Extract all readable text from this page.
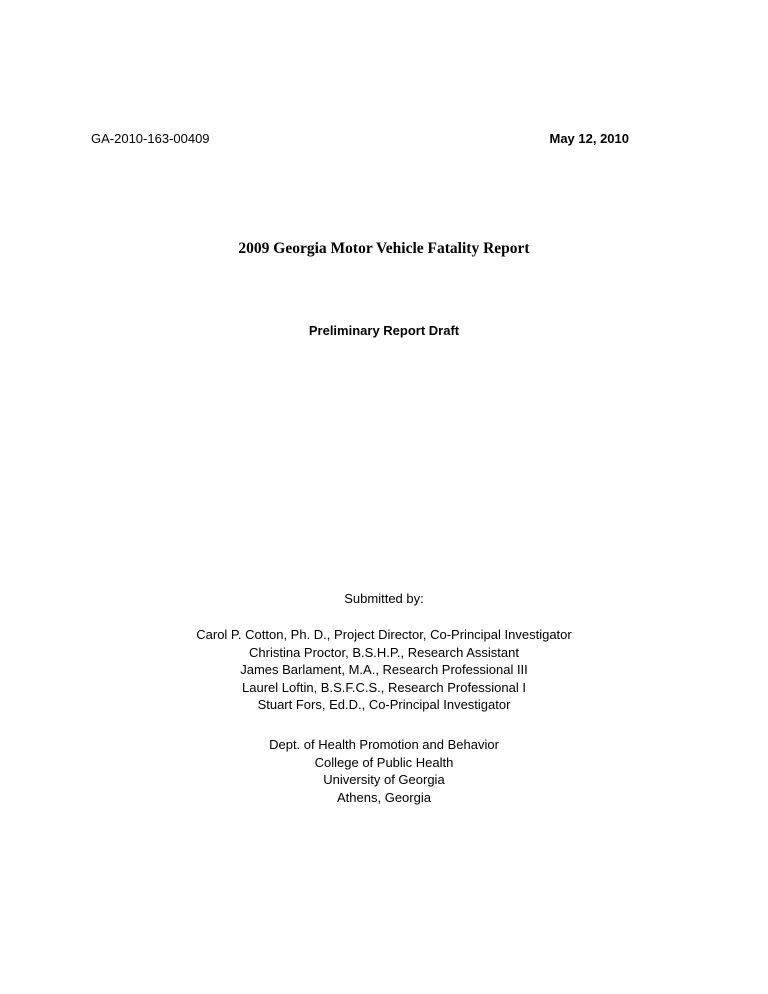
GA-2010-163-00409	May 12, 2010
2009 Georgia Motor Vehicle Fatality Report
Preliminary Report Draft
Submitted by:
Carol P. Cotton, Ph. D., Project Director, Co-Principal Investigator
Christina Proctor, B.S.H.P., Research Assistant
James Barlament, M.A., Research Professional III
Laurel Loftin, B.S.F.C.S., Research Professional I
Stuart Fors, Ed.D., Co-Principal Investigator
Dept. of Health Promotion and Behavior
College of Public Health
University of Georgia
Athens, Georgia
